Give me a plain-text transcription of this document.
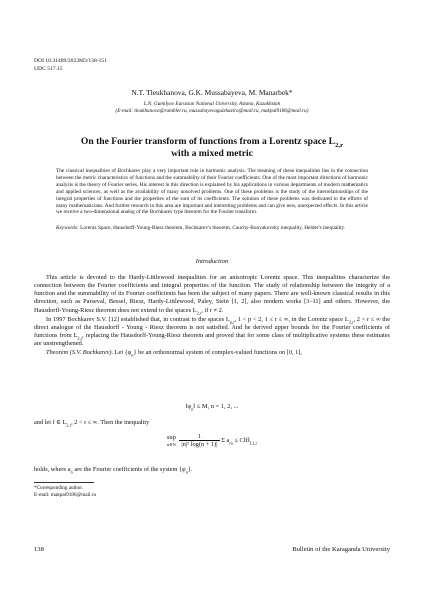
DOI 10.31489/2023M3/138-151
UDC 517.15
N.T. Tleukhanova, G.K. Mussabayeva, M. Manarbek*
L.N. Gumilyov Eurasian National University, Astana, Kazakhstan
(E-mail: tleukhanova@rambler.ru, mussabayevagulzhazira@mail.ru, makpal9186@mail.ru)
On the Fourier transform of functions from a Lorentz space $L_{2,r}$
with a mixed metric
The classical inequalities of Bochkarev play a very important role in harmonic analysis. The meaning of these inequalities lies in the connection between the metric characteristics of functions and the summability of their Fourier coefficients. One of the most important directions of harmonic analysis is the theory of Fourier series. His interest in this direction is explained by his applications in various departments of modern mathematics and applied sciences, as well as the availability of many unsolved problems. One of these problems is the study of the interrelationships of the integral properties of functions and the properties of the sum of its coefficients. The solution of these problems was dedicated to the efforts of many mathematicians. And further research in this area are important and interesting problems and can give new, unexpected effects. In this article we receive a two-dimensional analog of the Bochkarev type theorem for the Fourier transform.
Keywords: Lorentz Space, Hausdorff-Young-Riesz theorem, Bochkarev's theorem, Cauchy-Bunyakovsky inequality, Helder's inequality.
Introduction

This article is devoted to the Hardy-Littlewood inequalities for an anisotropic Lorentz space. This inequalities characterize the connection between the Fourier coefficients and integral properties of the function. The study of relationship between the integrity of a function and the summability of its Fourier coefficients has been the subject of many papers. There are well-known classical results in this direction, such as Parseval, Bessel, Riesz, Hardy-Littlewood, Paley, Stein [1, 2], also modern works [3–11] and others. However, the Hausdorff-Young-Riesz theorem does not extend to the spaces $L_{2,r}$, if r ≠ 2.

In 1997 Bochkarev S.V. [12] established that, in contrast to the spaces $L_{p,r}$, 1 < p < 2, 1 ≤ r ≤ ∞, in the Lorentz space $L_{2,r}$, 2 < r ≤ ∞ the direct analogue of the Hausdorff - Young - Riesz theorem is not satisfied. And he derived upper bounds for the Fourier coefficients of functions from $L_{2,r}$, replacing the Hausdorff-Young-Riesz theorem and proved that for some class of multiplicative systems these estimates are unstrengthened.

Theorem (S.V. Bochkarev). Let $\{\varphi_n\}$ be an orthonormal system of complex-valued functions on [0, 1],

$‖\varphi_n‖ \le M$, n = 1, 2, ...
and let f ∈ $L_{2,r}$, 2 < r ≤ ∞. Then the inequality
sup
n∈N $\frac{1}{\text{|n|¹ log(n + 1)|}}$ Σ $a_m$ ≤ $C‖f‖_{L2,r}$
holds, where $a_n$ are the Fourier coefficients of the system $\{\varphi_n\}$.
*Corresponding author.
E-mail: makpal9186@mail.ru
138	Bulletin of the Karaganda University
